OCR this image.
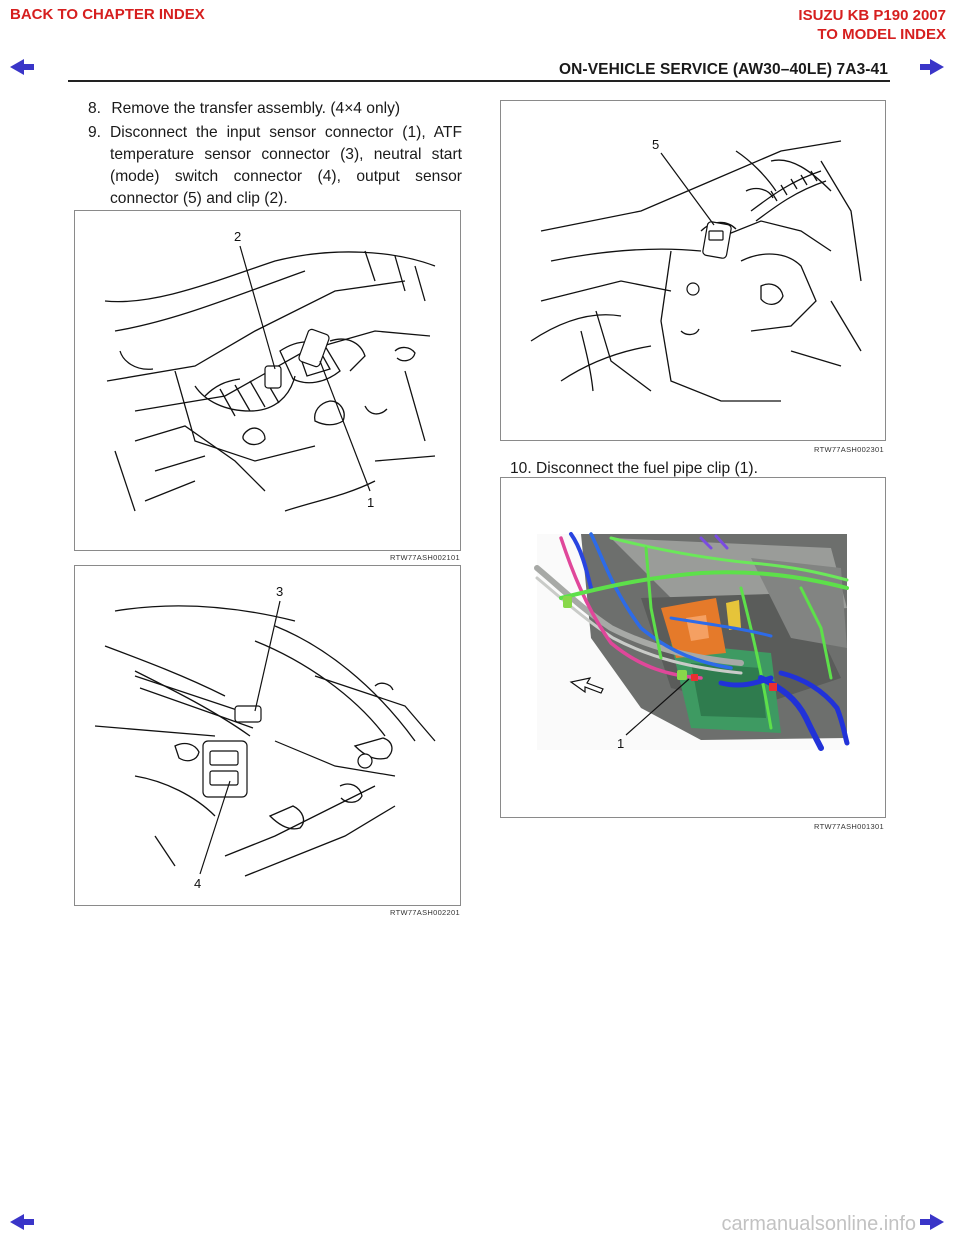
BACK TO CHAPTER INDEX	ISUZU KB P190 2007
TO MODEL INDEX
ON-VEHICLE SERVICE (AW30–40LE) 7A3-41
8. Remove the transfer assembly. (4×4 only)
9. Disconnect the input sensor connector (1), ATF temperature sensor connector (3), neutral start (mode) switch connector (4), output sensor connector (5) and clip (2).
2
1
RTW77ASH002101
3
4
RTW77ASH002201
5
RTW77ASH002301
10. Disconnect the fuel pipe clip (1).
1
RTW77ASH001301
carmanualsonline.info
